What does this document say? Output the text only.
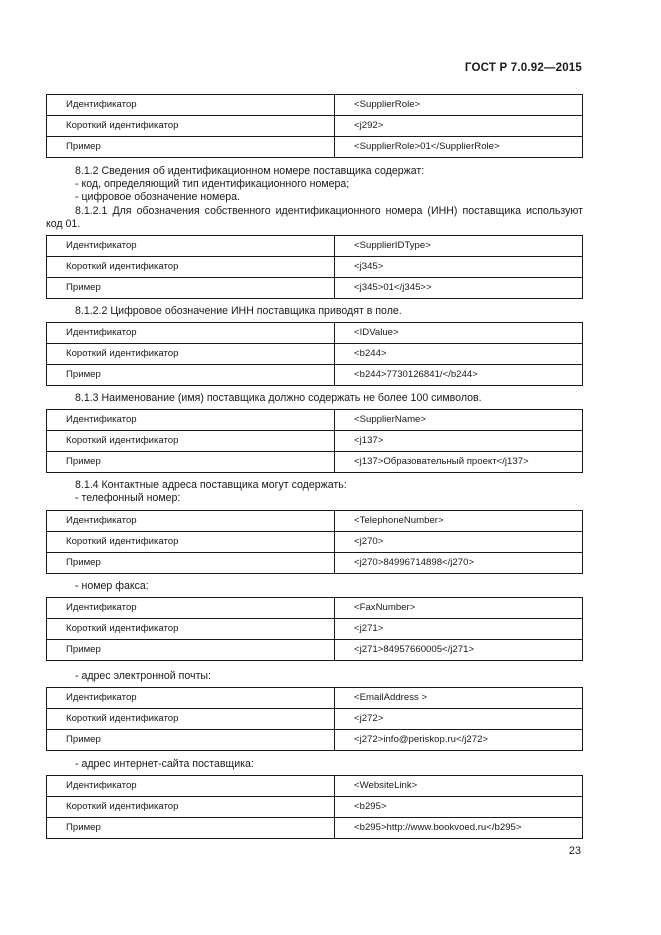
ГОСТ Р 7.0.92—2015
Идентификатор	<SupplierRole>
Короткий идентификатор	<j292>
Пример	<SupplierRole>01</SupplierRole>
8.1.2 Сведения об идентификационном номере поставщика содержат:
- код, определяющий тип идентификационного номера;
- цифровое обозначение номера.
8.1.2.1 Для обозначения собственного идентификационного номера (ИНН) поставщика используют код 01.
Идентификатор	<SupplierIDType>
Короткий идентификатор	<j345>
Пример	<j345>01</j345>>
8.1.2.2 Цифровое обозначение ИНН поставщика приводят в поле.
Идентификатор	<IDValue>
Короткий идентификатор	<b244>
Пример	<b244>7730126841/</b244>
8.1.3 Наименование (имя) поставщика должно содержать не более 100 символов.
Идентификатор	<SupplierName>
Короткий идентификатор	<j137>
Пример	<j137>Образовательный проект</j137>
8.1.4 Контактные адреса поставщика могут содержать:
- телефонный номер:
Идентификатор	<TelephoneNumber>
Короткий идентификатор	<j270>
Пример	<j270>84996714898</j270>
- номер факса:
Идентификатор	<FaxNumber>
Короткий идентификатор	<j271>
Пример	<j271>84957660005</j271>
- адрес электронной почты:
Идентификатор	<EmailAddress >
Короткий идентификатор	<j272>
Пример	<j272>info@periskop.ru</j272>
- адрес интернет-сайта поставщика:
Идентификатор	<WebsiteLink>
Короткий идентификатор	<b295>
Пример	<b295>http://www.bookvoed.ru</b295>
23
